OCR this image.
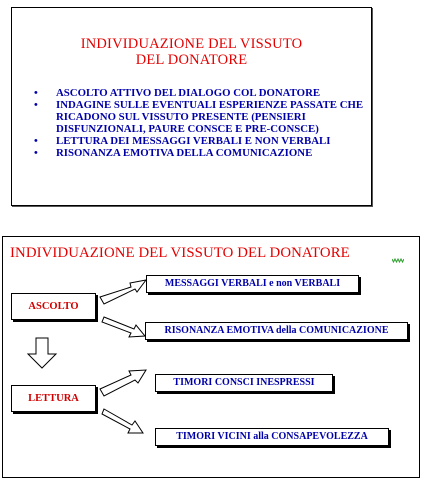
INDIVIDUAZIONE DEL VISSUTO
DEL DONATORE
• ASCOLTO ATTIVO DEL DIALOGO COL DONATORE
• INDAGINE SULLE EVENTUALI ESPERIENZE PASSATE CHE RICADONO SUL VISSUTO PRESENTE (PENSIERI DISFUNZIONALI, PAURE CONSCE E PRE-CONSCE)
• LETTURA DEI MESSAGGI VERBALI E NON VERBALI
• RISONANZA EMOTIVA DELLA COMUNICAZIONE
INDIVIDUAZIONE DEL VISSUTO DEL DONATORE
ASCOLTO
LETTURA
MESSAGGI VERBALI e non VERBALI
RISONANZA EMOTIVA della COMUNICAZIONE
TIMORI CONSCI INESPRESSI
TIMORI VICINI alla CONSAPEVOLEZZA
